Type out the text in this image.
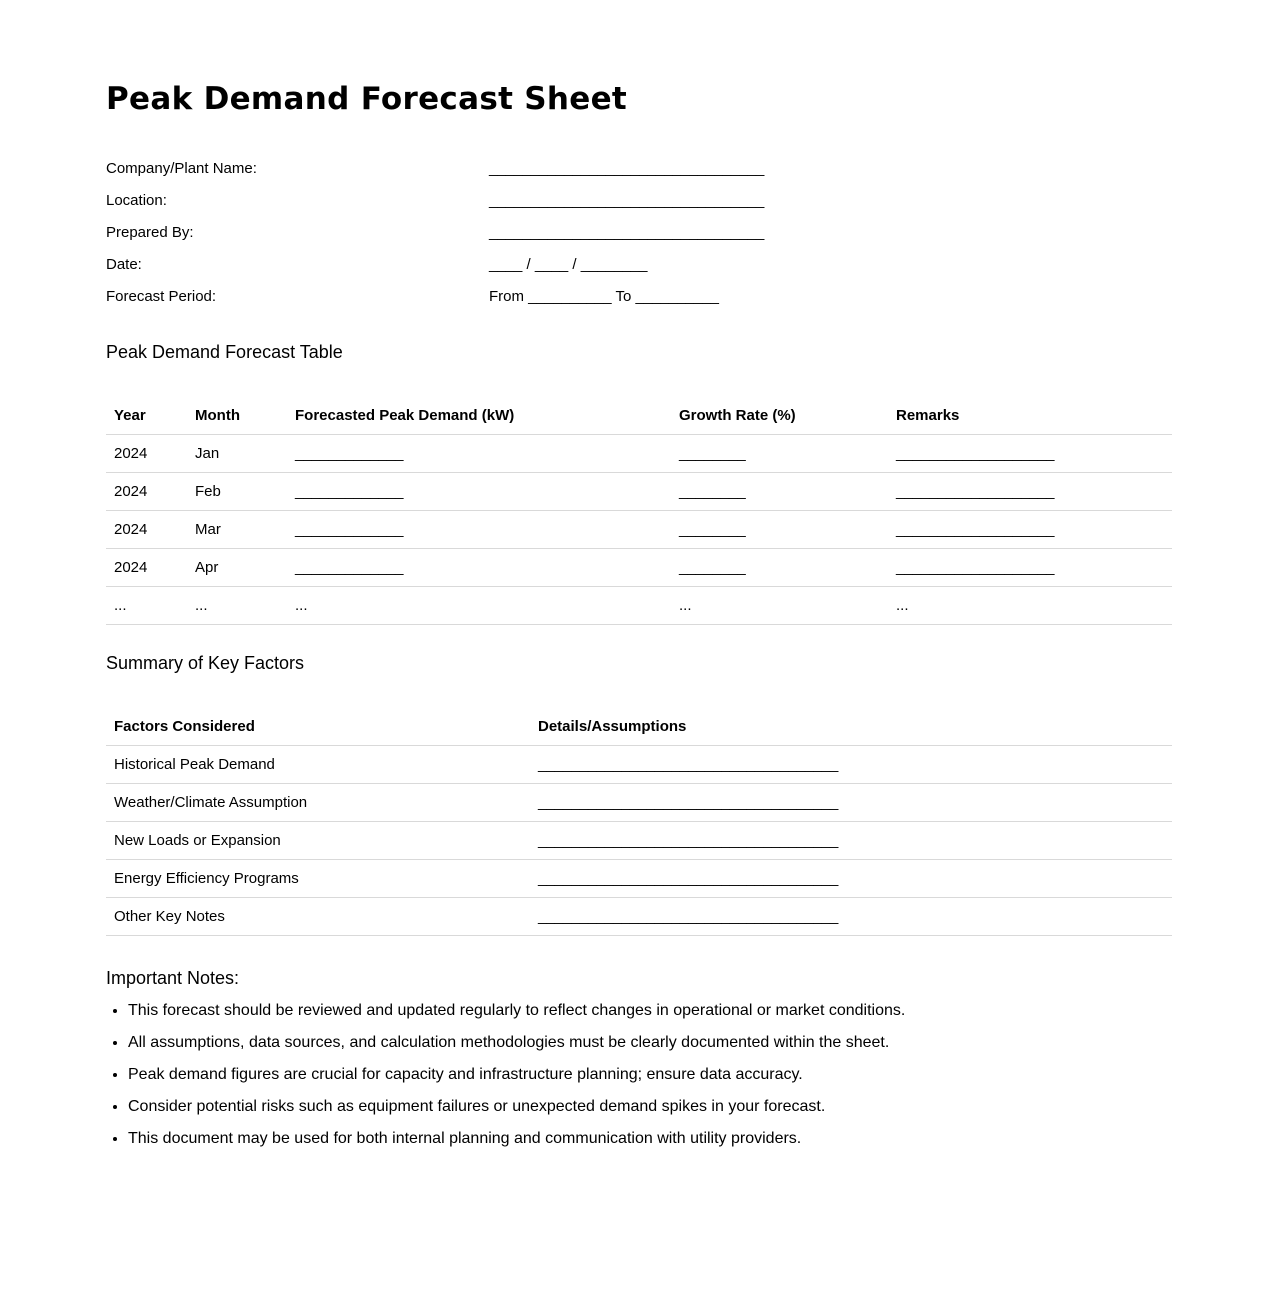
Peak Demand Forecast Sheet
Company/Plant Name:	_________________________________
Location:	_________________________________
Prepared By:	_________________________________
Date:	____ / ____ / ________
Forecast Period:	From __________ To __________
Peak Demand Forecast Table
Year	Month	Forecasted Peak Demand (kW)	Growth Rate (%)	Remarks
2024	Jan	_____________	________	___________________
2024	Feb	_____________	________	___________________
2024	Mar	_____________	________	___________________
2024	Apr	_____________	________	___________________
...	...	...	...	...
Summary of Key Factors
Factors Considered	Details/Assumptions
Historical Peak Demand	____________________________________
Weather/Climate Assumption	____________________________________
New Loads or Expansion	____________________________________
Energy Efficiency Programs	____________________________________
Other Key Notes	____________________________________
Important Notes:
• This forecast should be reviewed and updated regularly to reflect changes in operational or market conditions.
• All assumptions, data sources, and calculation methodologies must be clearly documented within the sheet.
• Peak demand figures are crucial for capacity and infrastructure planning; ensure data accuracy.
• Consider potential risks such as equipment failures or unexpected demand spikes in your forecast.
• This document may be used for both internal planning and communication with utility providers.
